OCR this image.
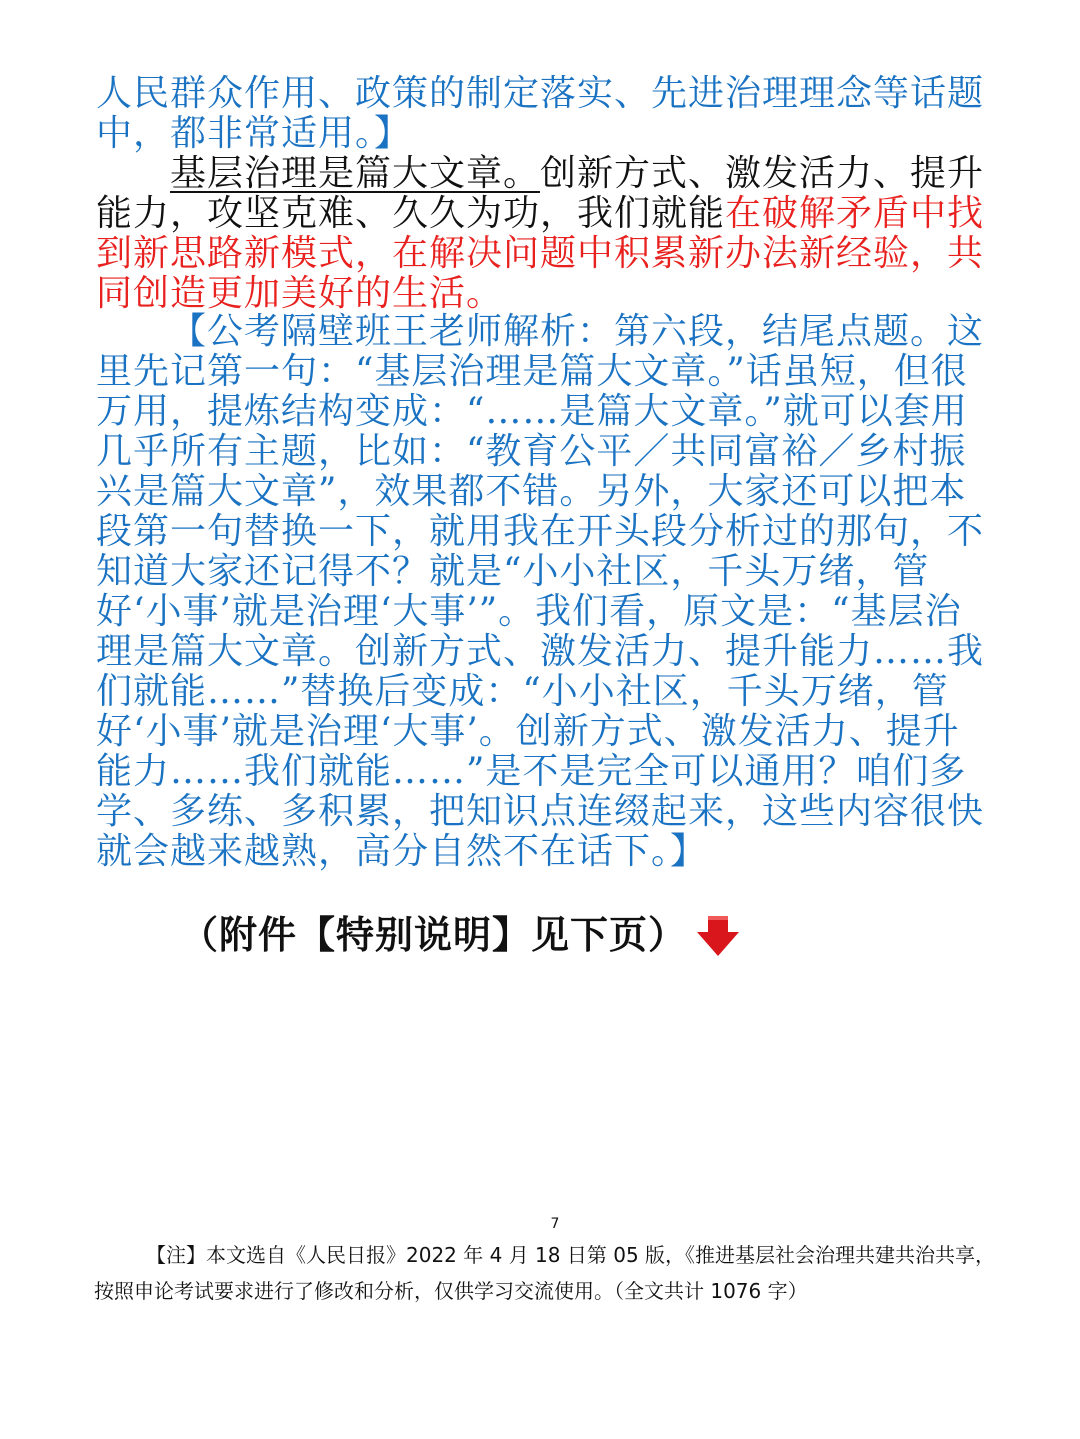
人民群众作用、政策的制定落实、先进治理理念等话题中，都非常适用。】

基层治理是篇大文章。创新方式、激发活力、提升能力，攻坚克难、久久为功，我们就能在破解矛盾中找到新思路新模式，在解决问题中积累新办法新经验，共同创造更加美好的生活。

【公考隔壁班王老师解析：第六段，结尾点题。这里先记第一句：“基层治理是篇大文章。”话虽短，但很万用，提炼结构变成：“……是篇大文章。”就可以套用几乎所有主题，比如：“教育公平／共同富裕／乡村振兴是篇大文章”，效果都不错。另外，大家还可以把本段第一句替换一下，就用我在开头段分析过的那句，不知道大家还记得不？就是“小小社区，千头万绪，管好‘小事’就是治理‘大事’”。我们看，原文是：“基层治理是篇大文章。创新方式、激发活力、提升能力……我们就能……”替换后变成：“小小社区，千头万绪，管好‘小事’就是治理‘大事’。创新方式、激发活力、提升能力……我们就能……”是不是完全可以通用？咱们多学、多练、多积累，把知识点连缀起来，这些内容很快就会越来越熟，高分自然不在话下。】

（附件【特别说明】见下页）
7

【注】本文选自《人民日报》2022 年 4 月 18 日第 05 版，《推进基层社会治理共建共治共享，按照申论考试要求进行了修改和分析，仅供学习交流使用。（全文共计 1076 字）
